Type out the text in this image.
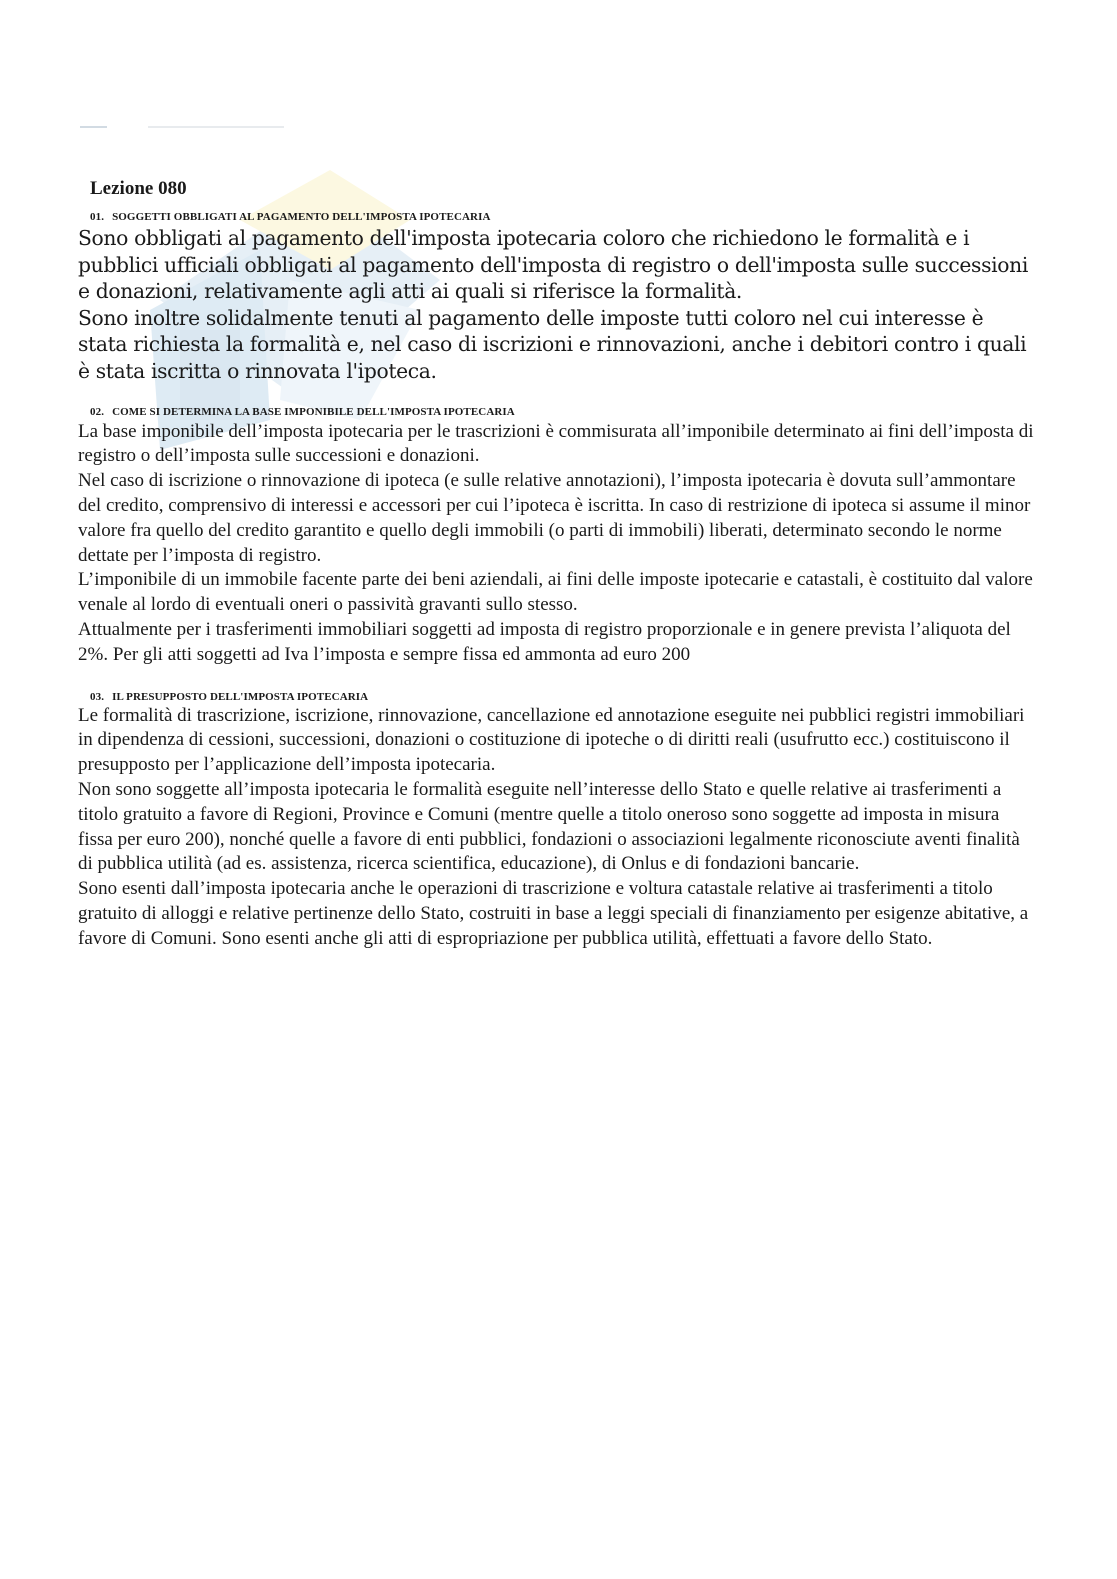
Lezione 080
01. SOGGETTI OBBLIGATI AL PAGAMENTO DELL'IMPOSTA IPOTECARIA

Sono obbligati al pagamento dell'imposta ipotecaria coloro che richiedono le formalità e i pubblici ufficiali obbligati al pagamento dell'imposta di registro o dell'imposta sulle successioni e donazioni, relativamente agli atti ai quali si riferisce la formalità.

Sono inoltre solidalmente tenuti al pagamento delle imposte tutti coloro nel cui interesse è stata richiesta la formalità e, nel caso di iscrizioni e rinnovazioni, anche i debitori contro i quali è stata iscritta o rinnovata l'ipoteca.

02. COME SI DETERMINA LA BASE IMPONIBILE DELL'IMPOSTA IPOTECARIA

La base imponibile dell’imposta ipotecaria per le trascrizioni è commisurata all’imponibile determinato ai fini dell’imposta di registro o dell’imposta sulle successioni e donazioni.

Nel caso di iscrizione o rinnovazione di ipoteca (e sulle relative annotazioni), l’imposta ipotecaria è dovuta sull’ammontare del credito, comprensivo di interessi e accessori per cui l’ipoteca è iscritta. In caso di restrizione di ipoteca si assume il minor valore fra quello del credito garantito e quello degli immobili (o parti di immobili) liberati, determinato secondo le norme dettate per l’imposta di registro.

L’imponibile di un immobile facente parte dei beni aziendali, ai fini delle imposte ipotecarie e catastali, è costituito dal valore venale al lordo di eventuali oneri o passività gravanti sullo stesso.

Attualmente per i trasferimenti immobiliari soggetti ad imposta di registro proporzionale e in genere prevista l’aliquota del 2%. Per gli atti soggetti ad Iva l’imposta e sempre fissa ed ammonta ad euro 200

03. IL PRESUPPOSTO DELL'IMPOSTA IPOTECARIA

Le formalità di trascrizione, iscrizione, rinnovazione, cancellazione ed annotazione eseguite nei pubblici registri immobiliari in dipendenza di cessioni, successioni, donazioni o costituzione di ipoteche o di diritti reali (usufrutto ecc.) costituiscono il presupposto per l’applicazione dell’imposta ipotecaria.

Non sono soggette all’imposta ipotecaria le formalità eseguite nell’interesse dello Stato e quelle relative ai trasferimenti a titolo gratuito a favore di Regioni, Province e Comuni (mentre quelle a titolo oneroso sono soggette ad imposta in misura fissa per euro 200), nonché quelle a favore di enti pubblici, fondazioni o associazioni legalmente riconosciute aventi finalità di pubblica utilità (ad es. assistenza, ricerca scientifica, educazione), di Onlus e di fondazioni bancarie.

Sono esenti dall’imposta ipotecaria anche le operazioni di trascrizione e voltura catastale relative ai trasferimenti a titolo gratuito di alloggi e relative pertinenze dello Stato, costruiti in base a leggi speciali di finanziamento per esigenze abitative, a favore di Comuni. Sono esenti anche gli atti di espropriazione per pubblica utilità, effettuati a favore dello Stato.
